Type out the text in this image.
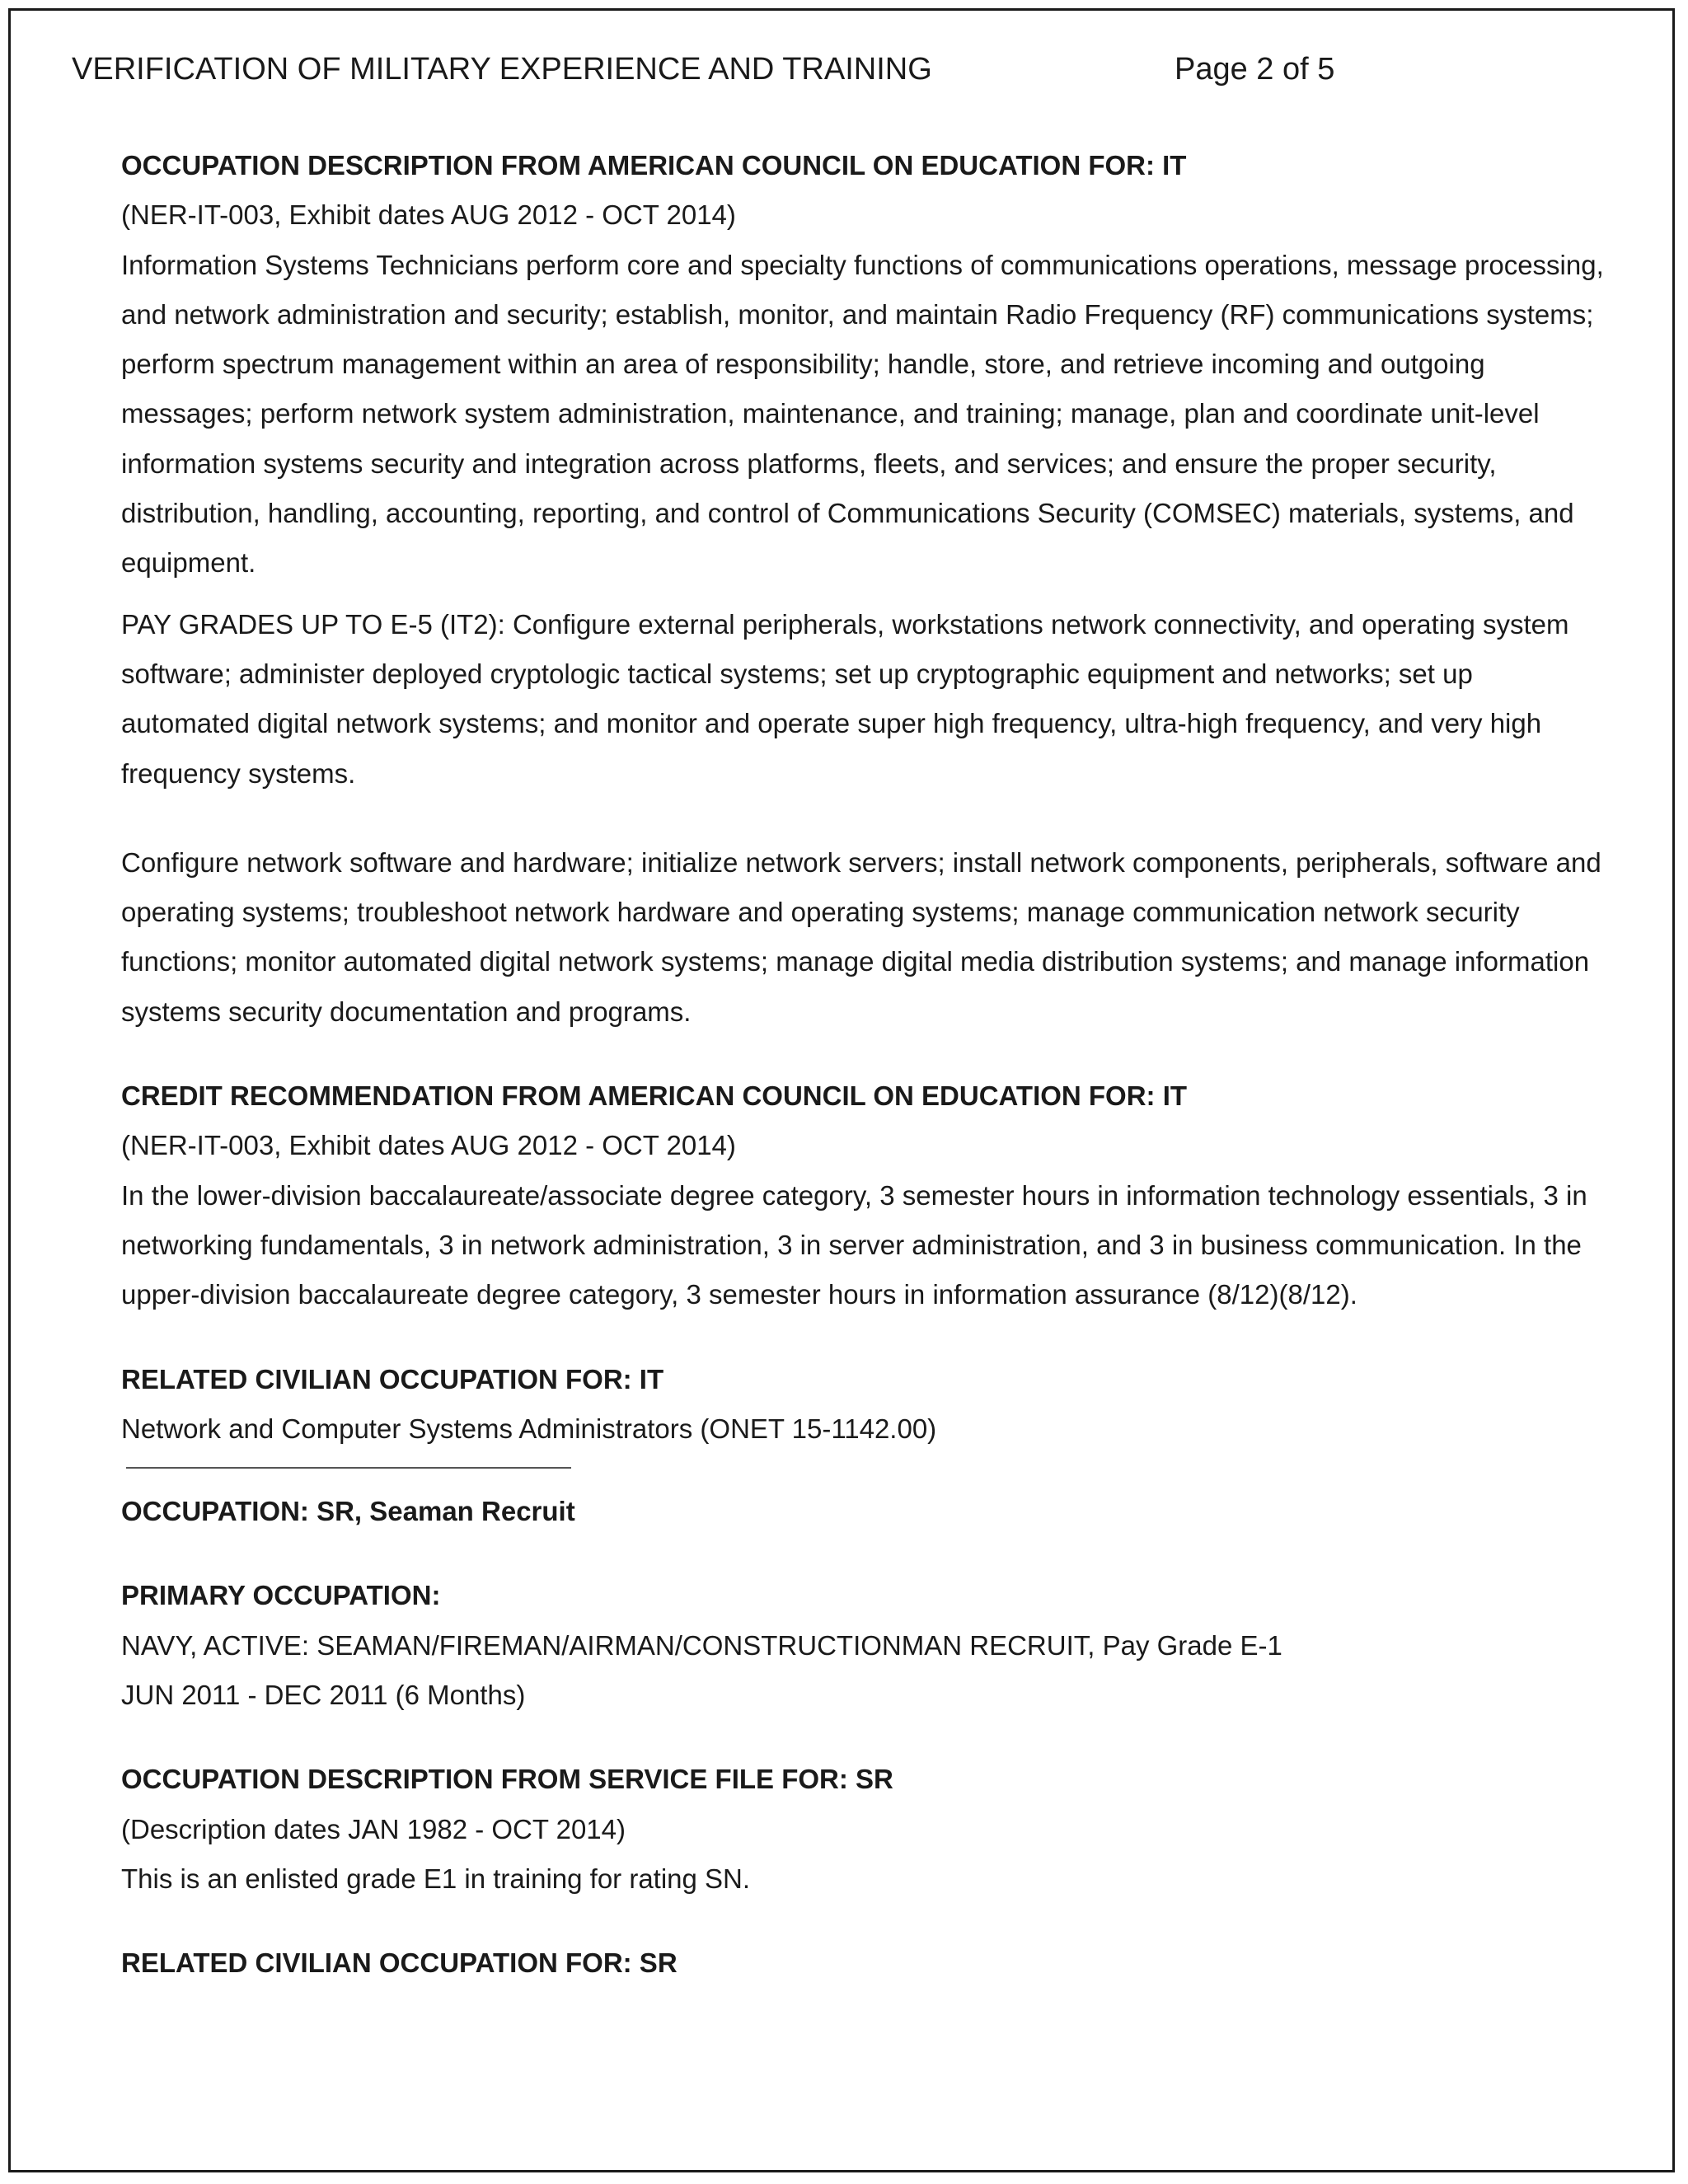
VERIFICATION OF MILITARY EXPERIENCE AND TRAINING	Page 2 of 5

OCCUPATION DESCRIPTION FROM AMERICAN COUNCIL ON EDUCATION FOR: IT

(NER-IT-003, Exhibit dates AUG 2012 - OCT 2014)

Information Systems Technicians perform core and specialty functions of communications operations, message processing, and network administration and security; establish, monitor, and maintain Radio Frequency (RF) communications systems; perform spectrum management within an area of responsibility; handle, store, and retrieve incoming and outgoing messages; perform network system administration, maintenance, and training; manage, plan and coordinate unit-level information systems security and integration across platforms, fleets, and services; and ensure the proper security, distribution, handling, accounting, reporting, and control of Communications Security (COMSEC) materials, systems, and equipment.

PAY GRADES UP TO E-5 (IT2): Configure external peripherals, workstations network connectivity, and operating system software; administer deployed cryptologic tactical systems; set up cryptographic equipment and networks; set up automated digital network systems; and monitor and operate super high frequency, ultra-high frequency, and very high frequency systems.

Configure network software and hardware; initialize network servers; install network components, peripherals, software and operating systems; troubleshoot network hardware and operating systems; manage communication network security functions; monitor automated digital network systems; manage digital media distribution systems; and manage information systems security documentation and programs.

CREDIT RECOMMENDATION FROM AMERICAN COUNCIL ON EDUCATION FOR: IT

(NER-IT-003, Exhibit dates AUG 2012 - OCT 2014)

In the lower-division baccalaureate/associate degree category, 3 semester hours in information technology essentials, 3 in networking fundamentals, 3 in network administration, 3 in server administration, and 3 in business communication. In the upper-division baccalaureate degree category, 3 semester hours in information assurance (8/12)(8/12).

RELATED CIVILIAN OCCUPATION FOR: IT

Network and Computer Systems Administrators (ONET 15-1142.00)

OCCUPATION: SR, Seaman Recruit

PRIMARY OCCUPATION:

NAVY, ACTIVE: SEAMAN/FIREMAN/AIRMAN/CONSTRUCTIONMAN RECRUIT, Pay Grade E-1

JUN 2011 - DEC 2011 (6 Months)

OCCUPATION DESCRIPTION FROM SERVICE FILE FOR: SR

(Description dates JAN 1982 - OCT 2014)

This is an enlisted grade E1 in training for rating SN.

RELATED CIVILIAN OCCUPATION FOR: SR
